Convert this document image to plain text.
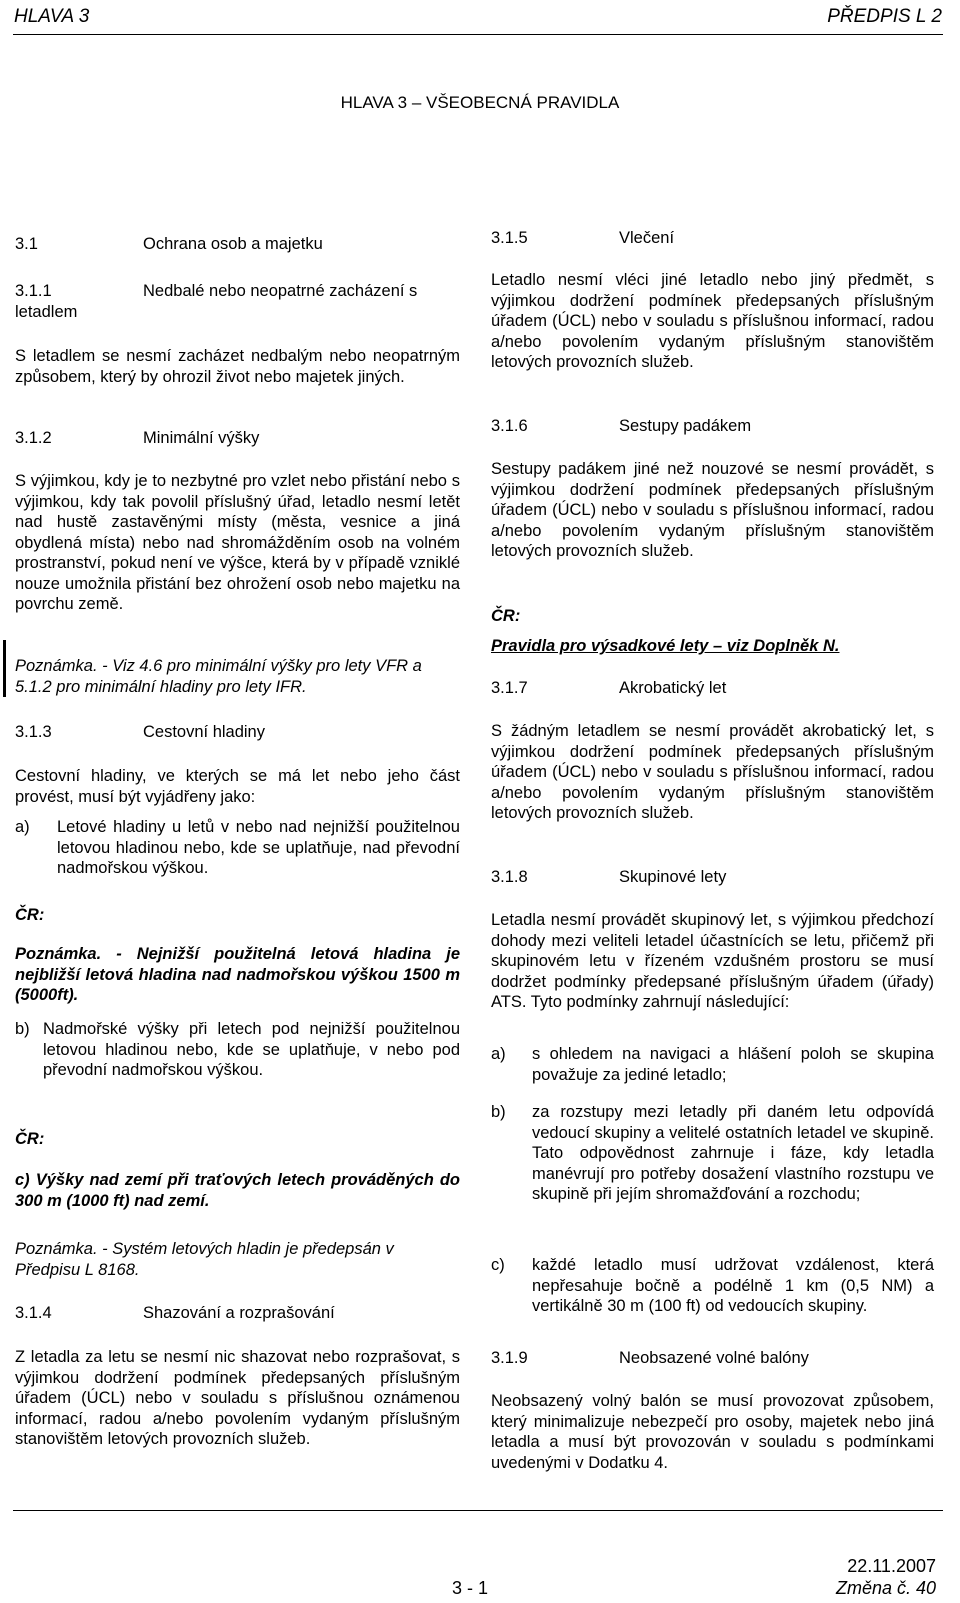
HLAVA 3	PŘEDPIS L 2
HLAVA 3 – VŠEOBECNÁ PRAVIDLA
3.1	Ochrana osob a majetku
3.1.1	Nedbalé nebo neopatrné zacházení s
letadlem

S letadlem se nesmí zacházet nedbalým nebo neopatrným způsobem, který by ohrozil život nebo majetek jiných.

3.1.2	Minimální výšky

S výjimkou, kdy je to nezbytné pro vzlet nebo přistání nebo s výjimkou, kdy tak povolil příslušný úřad, letadlo nesmí letět nad hustě zastavěnými místy (města, vesnice a jiná obydlená místa) nebo nad shromážděním osob na volném prostranství, pokud není ve výšce, která by v případě vzniklé nouze umožnila přistání bez ohrožení osob nebo majetku na povrchu země.

Poznámka. - Viz 4.6 pro minimální výšky pro lety VFR a 5.1.2 pro minimální hladiny pro lety IFR.

3.1.3	Cestovní hladiny

Cestovní hladiny, ve kterých se má let nebo jeho část provést, musí být vyjádřeny jako:

a)	Letové hladiny u letů v nebo nad nejnižší použitelnou letovou hladinou nebo, kde se uplatňuje, nad převodní nadmořskou výškou.
ČR:

Poznámka. - Nejnižší použitelná letová hladina je nejbližší letová hladina nad nadmořskou výškou 1500 m (5000ft).

b) Nadmořské výšky při letech pod nejnižší použitelnou letovou hladinou nebo, kde se uplatňuje, v nebo pod převodní nadmořskou výškou.
ČR:

c) Výšky nad zemí při traťových letech prováděných do 300 m (1000 ft) nad zemí.

Poznámka. - Systém letových hladin je předepsán v Předpisu L 8168.

3.1.4	Shazování a rozprašování

Z letadla za letu se nesmí nic shazovat nebo rozprašovat, s výjimkou dodržení podmínek předepsaných příslušným úřadem (ÚCL) nebo v souladu s příslušnou oznámenou informací, radou a/nebo povolením vydaným příslušným stanovištěm letových provozních služeb.

3.1.5	Vlečení

Letadlo nesmí vléci jiné letadlo nebo jiný předmět, s výjimkou dodržení podmínek předepsaných příslušným úřadem (ÚCL) nebo v souladu s příslušnou informací, radou a/nebo povolením vydaným příslušným stanovištěm letových provozních služeb.

3.1.6	Sestupy padákem

Sestupy padákem jiné než nouzové se nesmí provádět, s výjimkou dodržení podmínek předepsaných příslušným úřadem (ÚCL) nebo v souladu s příslušnou informací, radou a/nebo povolením vydaným příslušným stanovištěm letových provozních služeb.

ČR:
Pravidla pro výsadkové lety – viz Doplněk N.
3.1.7	Akrobatický let

S žádným letadlem se nesmí provádět akrobatický let, s výjimkou dodržení podmínek předepsaných příslušným úřadem (ÚCL) nebo v souladu s příslušnou informací, radou a/nebo povolením vydaným příslušným stanovištěm letových provozních služeb.

3.1.8	Skupinové lety

Letadla nesmí provádět skupinový let, s výjimkou předchozí dohody mezi veliteli letadel účastnících se letu, přičemž při skupinovém letu v řízeném vzdušném prostoru se musí dodržet podmínky předepsané příslušným úřadem (úřady) ATS. Tyto podmínky zahrnují následující:

a)	s ohledem na navigaci a hlášení poloh se skupina považuje za jediné letadlo;
b)	za rozstupy mezi letadly při daném letu odpovídá vedoucí skupiny a velitelé ostatních letadel ve skupině. Tato odpovědnost zahrnuje i fáze, kdy letadla manévrují pro potřeby dosažení vlastního rozstupu ve skupině při jejím shromažďování a rozchodu;
c)	každé letadlo musí udržovat vzdálenost, která nepřesahuje bočně a podélně 1 km (0,5 NM) a vertikálně 30 m (100 ft) od vedoucích skupiny.
3.1.9	Neobsazené volné balóny

Neobsazený volný balón se musí provozovat způsobem, který minimalizuje nebezpečí pro osoby, majetek nebo jiná letadla a musí být provozován v souladu s podmínkami uvedenými v Dodatku 4.

3 - 1
22.11.2007
Změna č. 40
